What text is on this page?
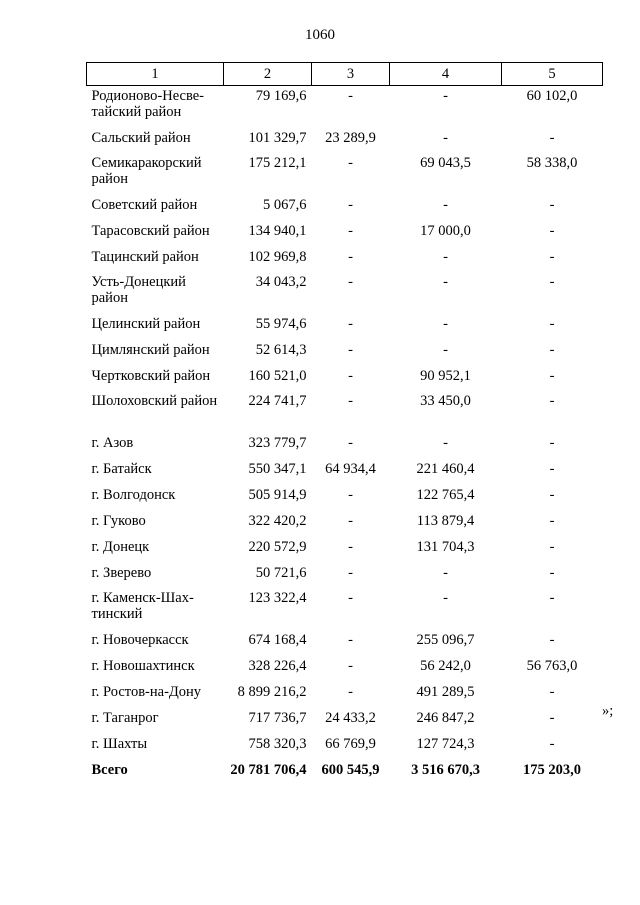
1060
1	2	3	4	5
Родионово-Несве-тайский район	79 169,6	-	-	60 102,0
Сальский район	101 329,7	23 289,9	-	-
Семикаракорский район	175 212,1	-	69 043,5	58 338,0
Советский район	5 067,6	-	-	-
Тарасовский район	134 940,1	-	17 000,0	-
Тацинский район	102 969,8	-	-	-
Усть-Донецкий район	34 043,2	-	-	-
Целинский район	55 974,6	-	-	-
Цимлянский район	52 614,3	-	-	-
Чертковский район	160 521,0	-	90 952,1	-
Шолоховский район	224 741,7	-	33 450,0	-
г. Азов	323 779,7	-	-	-
г. Батайск	550 347,1	64 934,4	221 460,4	-
г. Волгодонск	505 914,9	-	122 765,4	-
г. Гуково	322 420,2	-	113 879,4	-
г. Донецк	220 572,9	-	131 704,3	-
г. Зверево	50 721,6	-	-	-
г. Каменск-Шах-тинский	123 322,4	-	-	-
г. Новочеркасск	674 168,4	-	255 096,7	-
г. Новошахтинск	328 226,4	-	56 242,0	56 763,0
г. Ростов-на-Дону	8 899 216,2	-	491 289,5	-
г. Таганрог	717 736,7	24 433,2	246 847,2	-
г. Шахты	758 320,3	66 769,9	127 724,3	-
Всего	20 781 706,4	600 545,9	3 516 670,3	175 203,0
»;
